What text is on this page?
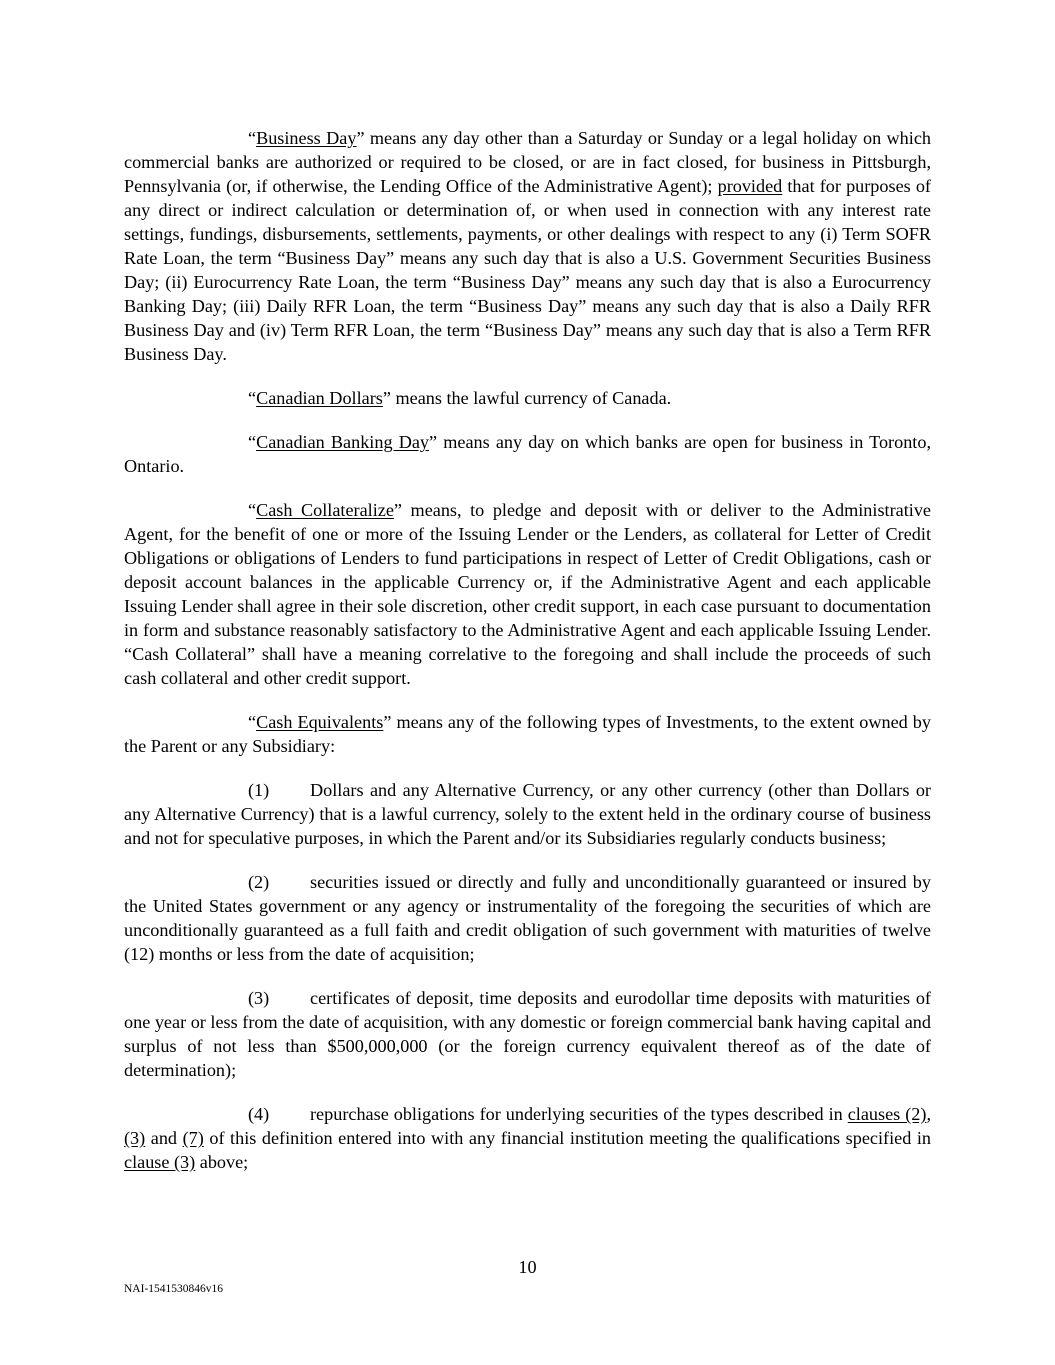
“Business Day” means any day other than a Saturday or Sunday or a legal holiday on which commercial banks are authorized or required to be closed, or are in fact closed, for business in Pittsburgh, Pennsylvania (or, if otherwise, the Lending Office of the Administrative Agent); provided that for purposes of any direct or indirect calculation or determination of, or when used in connection with any interest rate settings, fundings, disbursements, settlements, payments, or other dealings with respect to any (i) Term SOFR Rate Loan, the term “Business Day” means any such day that is also a U.S. Government Securities Business Day; (ii) Eurocurrency Rate Loan, the term “Business Day” means any such day that is also a Eurocurrency Banking Day; (iii) Daily RFR Loan, the term “Business Day” means any such day that is also a Daily RFR Business Day and (iv) Term RFR Loan, the term “Business Day” means any such day that is also a Term RFR Business Day.

“Canadian Dollars” means the lawful currency of Canada.

“Canadian Banking Day” means any day on which banks are open for business in Toronto, Ontario.

“Cash Collateralize” means, to pledge and deposit with or deliver to the Administrative Agent, for the benefit of one or more of the Issuing Lender or the Lenders, as collateral for Letter of Credit Obligations or obligations of Lenders to fund participations in respect of Letter of Credit Obligations, cash or deposit account balances in the applicable Currency or, if the Administrative Agent and each applicable Issuing Lender shall agree in their sole discretion, other credit support, in each case pursuant to documentation in form and substance reasonably satisfactory to the Administrative Agent and each applicable Issuing Lender. “Cash Collateral” shall have a meaning correlative to the foregoing and shall include the proceeds of such cash collateral and other credit support.

“Cash Equivalents” means any of the following types of Investments, to the extent owned by the Parent or any Subsidiary:

(1) Dollars and any Alternative Currency, or any other currency (other than Dollars or any Alternative Currency) that is a lawful currency, solely to the extent held in the ordinary course of business and not for speculative purposes, in which the Parent and/or its Subsidiaries regularly conducts business;

(2) securities issued or directly and fully and unconditionally guaranteed or insured by the United States government or any agency or instrumentality of the foregoing the securities of which are unconditionally guaranteed as a full faith and credit obligation of such government with maturities of twelve (12) months or less from the date of acquisition;

(3) certificates of deposit, time deposits and eurodollar time deposits with maturities of one year or less from the date of acquisition, with any domestic or foreign commercial bank having capital and surplus of not less than $500,000,000 (or the foreign currency equivalent thereof as of the date of determination);

(4) repurchase obligations for underlying securities of the types described in clauses (2), (3) and (7) of this definition entered into with any financial institution meeting the qualifications specified in clause (3) above;

10
NAI-1541530846v16
